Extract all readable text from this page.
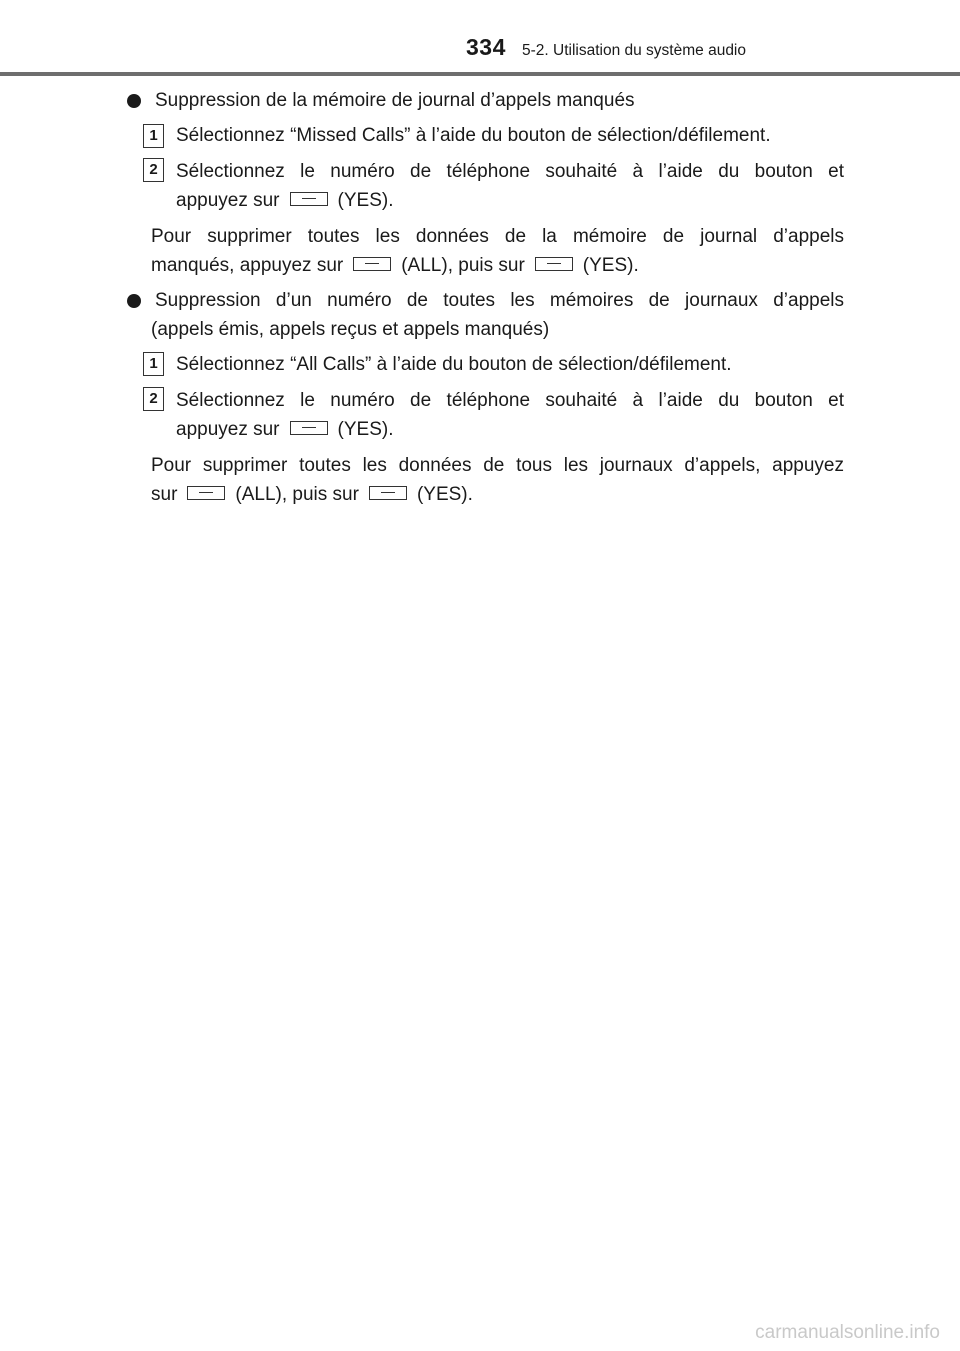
334 5-2. Utilisation du système audio
Suppression de la mémoire de journal d’appels manqués
1 Sélectionnez “Missed Calls” à l’aide du bouton de sélection/défilement.
2 Sélectionnez le numéro de téléphone souhaité à l’aide du bouton et
appuyez sur	(YES).
Pour supprimer toutes les données de la mémoire de journal d’appels
manqués, appuyez sur	(ALL), puis sur	(YES).
Suppression d’un numéro de toutes les mémoires de journaux d’appels
(appels émis, appels reçus et appels manqués)
1 Sélectionnez “All Calls” à l’aide du bouton de sélection/défilement.
2 Sélectionnez le numéro de téléphone souhaité à l’aide du bouton et
appuyez sur	(YES).
Pour supprimer toutes les données de tous les journaux d’appels, appuyez
sur	(ALL), puis sur	(YES).
carmanualsonline.info
